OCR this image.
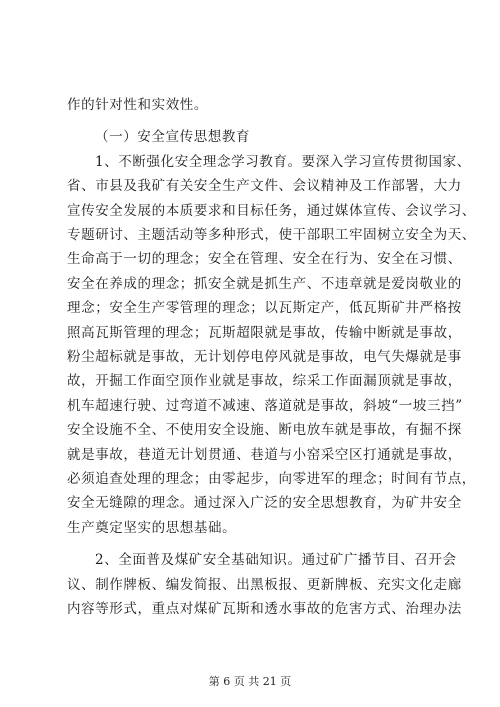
作的针对性和实效性。
（一）安全宣传思想教育
1、不断强化安全理念学习教育。要深入学习宣传贯彻国家、
省、市县及我矿有关安全生产文件、会议精神及工作部署，大力
宣传安全发展的本质要求和目标任务，通过媒体宣传、会议学习、
专题研讨、主题活动等多种形式，使干部职工牢固树立安全为天、
生命高于一切的理念；安全在管理、安全在行为、安全在习惯、
安全在养成的理念；抓安全就是抓生产、不违章就是爱岗敬业的
理念；安全生产零管理的理念；以瓦斯定产，低瓦斯矿井严格按
照高瓦斯管理的理念；瓦斯超限就是事故，传输中断就是事故，
粉尘超标就是事故，无计划停电停风就是事故，电气失爆就是事
故，开掘工作面空顶作业就是事故，综采工作面漏顶就是事故，
机车超速行驶、过弯道不减速、落道就是事故，斜坡“一坡三挡”
安全设施不全、不使用安全设施、断电放车就是事故，有掘不探
就是事故，巷道无计划贯通、巷道与小窑采空区打通就是事故，
必须追查处理的理念；由零起步，向零进军的理念；时间有节点，
安全无缝隙的理念。通过深入广泛的安全思想教育，为矿井安全
生产奠定坚实的思想基础。
2、全面普及煤矿安全基础知识。通过矿广播节目、召开会
议、制作牌板、编发简报、出黑板报、更新牌板、充实文化走廊
内容等形式，重点对煤矿瓦斯和透水事故的危害方式、治理办法
第 6 页 共 21 页
